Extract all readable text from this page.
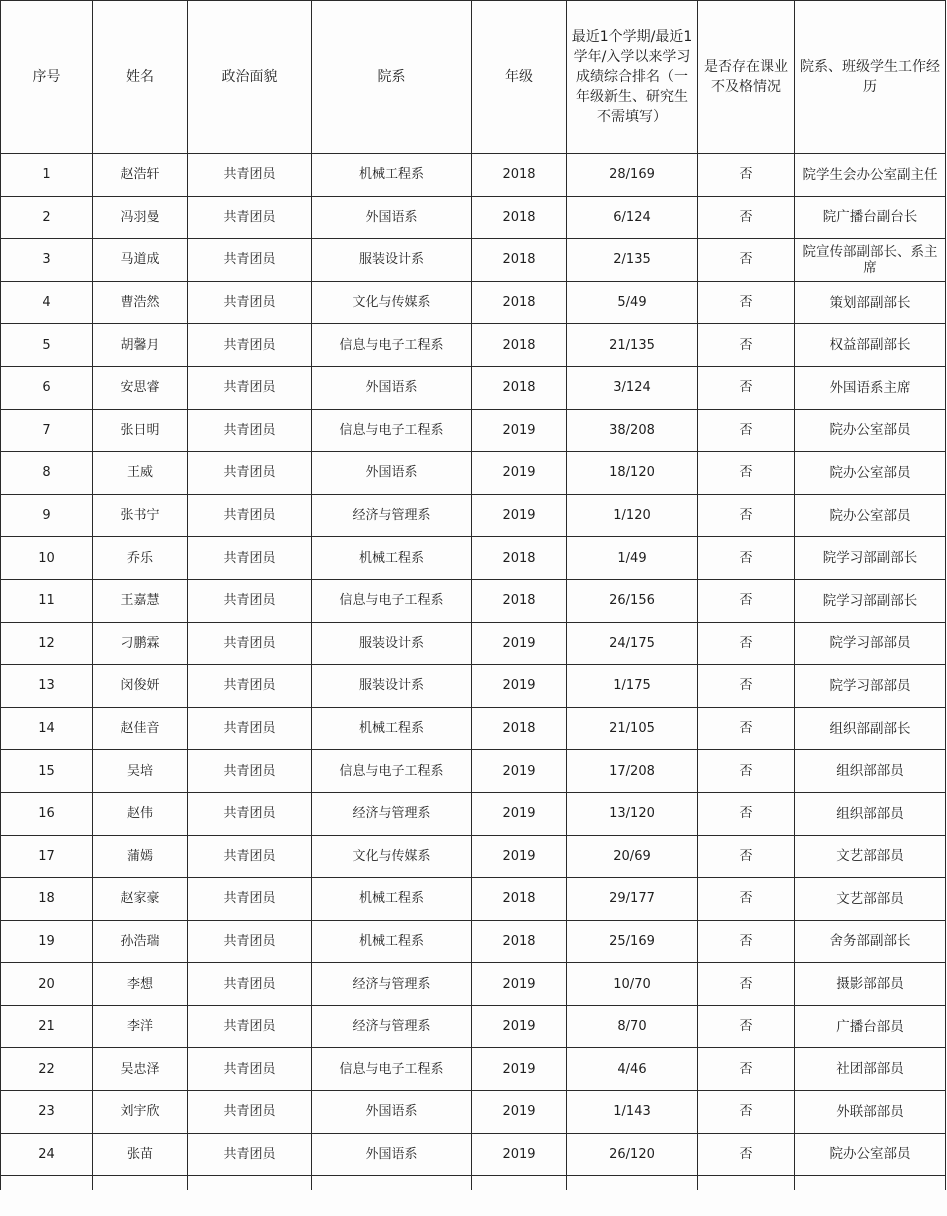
序号	姓名	政治面貌	院系	年级	最近1个学期/最近1学年/入学以来学习成绩综合排名（一年级新生、研究生不需填写）	是否存在课业不及格情况	院系、班级学生工作经历
1	赵浩轩	共青团员	机械工程系	2018	28/169	否	院学生会办公室副主任
2	冯羽曼	共青团员	外国语系	2018	6/124	否	院广播台副台长
3	马道成	共青团员	服装设计系	2018	2/135	否	院宣传部副部长、系主席
4	曹浩然	共青团员	文化与传媒系	2018	5/49	否	策划部副部长
5	胡馨月	共青团员	信息与电子工程系	2018	21/135	否	权益部副部长
6	安思睿	共青团员	外国语系	2018	3/124	否	外国语系主席
7	张日明	共青团员	信息与电子工程系	2019	38/208	否	院办公室部员
8	王威	共青团员	外国语系	2019	18/120	否	院办公室部员
9	张书宁	共青团员	经济与管理系	2019	1/120	否	院办公室部员
10	乔乐	共青团员	机械工程系	2018	1/49	否	院学习部副部长
11	王嘉慧	共青团员	信息与电子工程系	2018	26/156	否	院学习部副部长
12	刁鹏霖	共青团员	服装设计系	2019	24/175	否	院学习部部员
13	闵俊妍	共青团员	服装设计系	2019	1/175	否	院学习部部员
14	赵佳音	共青团员	机械工程系	2018	21/105	否	组织部副部长
15	吴培	共青团员	信息与电子工程系	2019	17/208	否	组织部部员
16	赵伟	共青团员	经济与管理系	2019	13/120	否	组织部部员
17	蒲嫣	共青团员	文化与传媒系	2019	20/69	否	文艺部部员
18	赵家豪	共青团员	机械工程系	2018	29/177	否	文艺部部员
19	孙浩瑞	共青团员	机械工程系	2018	25/169	否	舍务部副部长
20	李想	共青团员	经济与管理系	2019	10/70	否	摄影部部员
21	李洋	共青团员	经济与管理系	2019	8/70	否	广播台部员
22	吴忠泽	共青团员	信息与电子工程系	2019	4/46	否	社团部部员
23	刘宇欣	共青团员	外国语系	2019	1/143	否	外联部部员
24	张苗	共青团员	外国语系	2019	26/120	否	院办公室部员
